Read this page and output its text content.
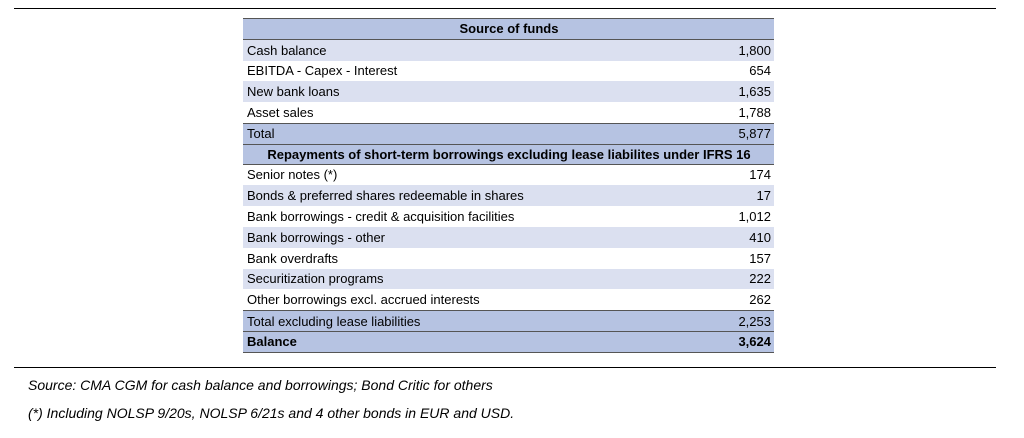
Source of funds
Cash balance	1,800
EBITDA - Capex - Interest	654
New bank loans	1,635
Asset sales	1,788
Total	5,877
Repayments of short-term borrowings excluding lease liabilites under IFRS 16
Senior notes (*)	174
Bonds & preferred shares redeemable in shares	17
Bank borrowings - credit & acquisition facilities	1,012
Bank borrowings - other	410
Bank overdrafts	157
Securitization programs	222
Other borrowings excl. accrued interests	262
Total excluding lease liabilities	2,253
Balance	3,624
Source: CMA CGM for cash balance and borrowings; Bond Critic for others
(*) Including NOLSP 9/20s, NOLSP 6/21s and 4 other bonds in EUR and USD.
